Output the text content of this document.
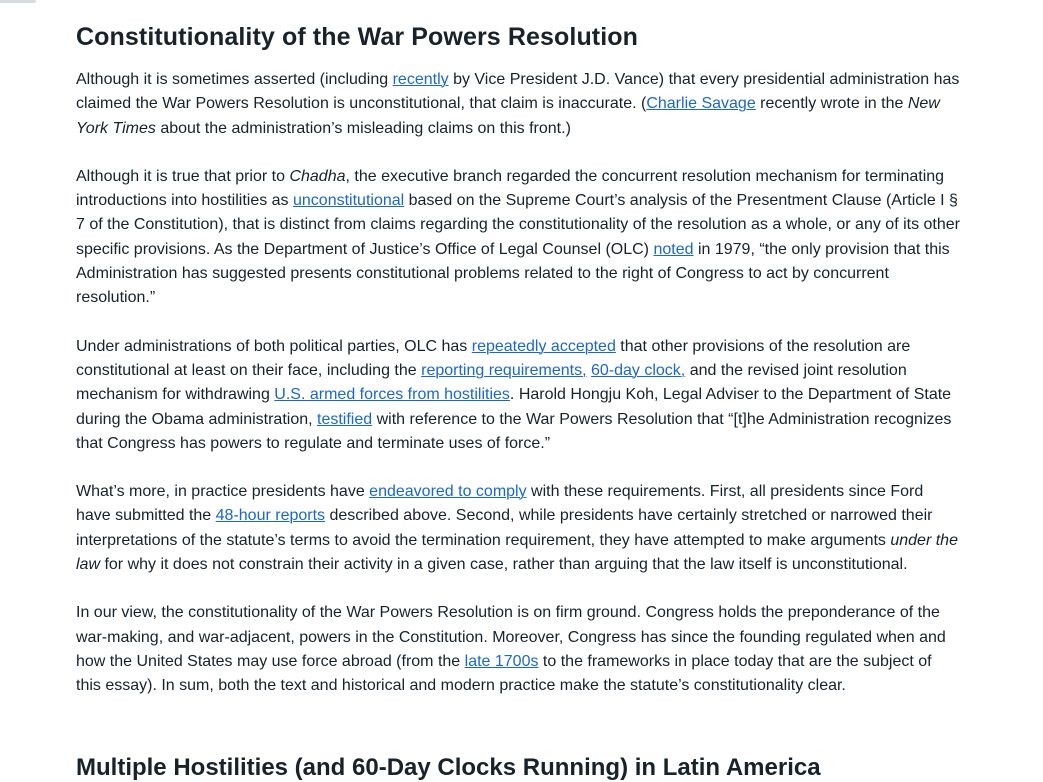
Constitutionality of the War Powers Resolution

Although it is sometimes asserted (including recently by Vice President J.D. Vance) that every presidential administration has claimed the War Powers Resolution is unconstitutional, that claim is inaccurate. (Charlie Savage recently wrote in the New York Times about the administration’s misleading claims on this front.)

Although it is true that prior to Chadha, the executive branch regarded the concurrent resolution mechanism for terminating introductions into hostilities as unconstitutional based on the Supreme Court’s analysis of the Presentment Clause (Article I § 7 of the Constitution), that is distinct from claims regarding the constitutionality of the resolution as a whole, or any of its other specific provisions. As the Department of Justice’s Office of Legal Counsel (OLC) noted in 1979, “the only provision that this Administration has suggested presents constitutional problems related to the right of Congress to act by concurrent resolution.”

Under administrations of both political parties, OLC has repeatedly accepted that other provisions of the resolution are constitutional at least on their face, including the reporting requirements, 60-day clock, and the revised joint resolution mechanism for withdrawing U.S. armed forces from hostilities. Harold Hongju Koh, Legal Adviser to the Department of State during the Obama administration, testified with reference to the War Powers Resolution that “[t]he Administration recognizes that Congress has powers to regulate and terminate uses of force.”

What’s more, in practice presidents have endeavored to comply with these requirements. First, all presidents since Ford have submitted the 48-hour reports described above. Second, while presidents have certainly stretched or narrowed their interpretations of the statute’s terms to avoid the termination requirement, they have attempted to make arguments under the law for why it does not constrain their activity in a given case, rather than arguing that the law itself is unconstitutional.

In our view, the constitutionality of the War Powers Resolution is on firm ground. Congress holds the preponderance of the war-making, and war-adjacent, powers in the Constitution. Moreover, Congress has since the founding regulated when and how the United States may use force abroad (from the late 1700s to the frameworks in place today that are the subject of this essay). In sum, both the text and historical and modern practice make the statute’s constitutionality clear.

Multiple Hostilities (and 60-Day Clocks Running) in Latin America
